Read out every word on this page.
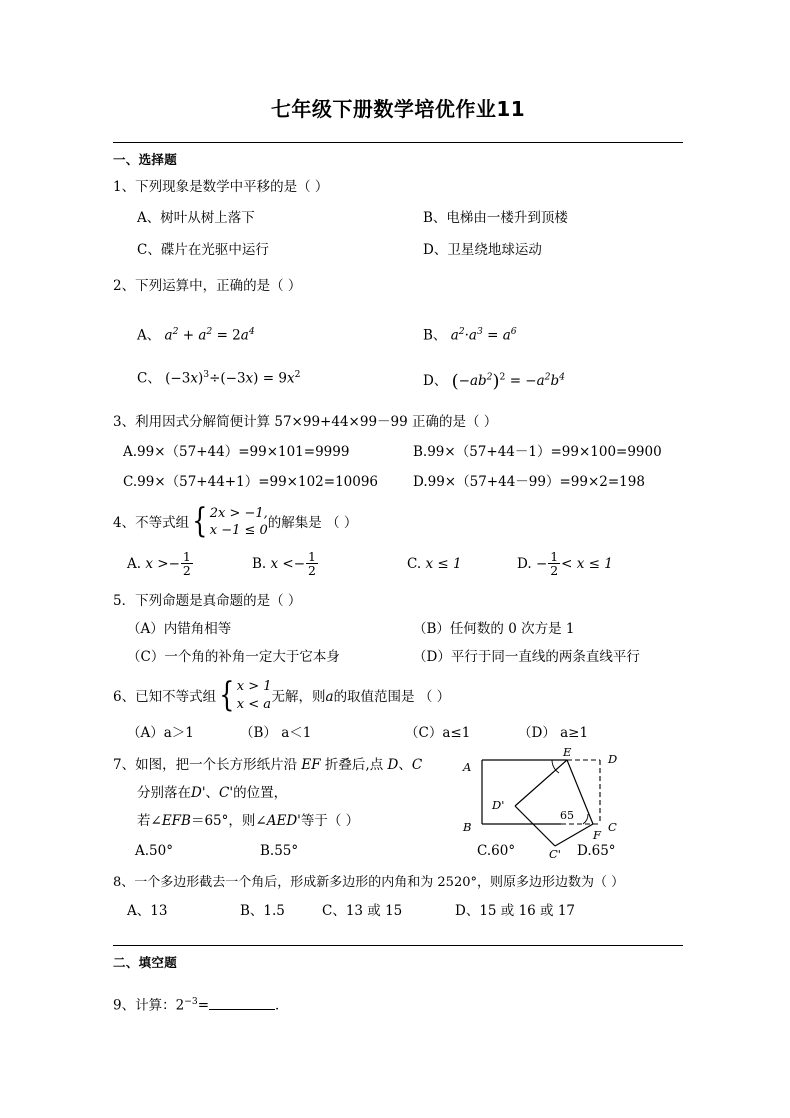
七年级下册数学培优作业11
一、选择题
1、下列现象是数学中平移的是（ ）
A、树叶从树上落下	B、电梯由一楼升到顶楼
C、碟片在光驱中运行	D、卫星绕地球运动
2、下列运算中，正确的是（ ）
A、 $a^2 + a^2 = 2a^4$	B、 $a^2\cdot a^3 = a^6$
C、 $(-3x)^3\div(-3x) = 9x^2$	D、 $(-ab^2)^2 = -a^2b^4$
3、利用因式分解简便计算 57×99+44×99－99 正确的是（ ）
A.99×（57+44）=99×101=9999	B.99×（57+44－1）=99×100=9900
C.99×（57+44+1）=99×102=10096	D.99×（57+44－99）=99×2=198
4、不等式组 { 2x > −1,
x −1 ≤ 0 的解集是 （ ）
A. $x >- \frac{1}{2}$	B. $x <- \frac{1}{2}$	C. x ≤ 1	D. − $\frac{1}{2} < x \le 1$
5．下列命题是真命题的是（ ）
（A）内错角相等	（B）任何数的 0 次方是 1
（C）一个角的补角一定大于它本身	（D）平行于同一直线的两条直线平行
6、已知不等式组 { x > 1
x < a 无解，则 a 的取值范围是 （ ）
（A）a＞1	（B） a＜1	（C）a≤1	（D） a≥1
7、如图，把一个长方形纸片沿 EF 折叠后,点 D、C
分别落在D'、C'的位置，
若∠EFB＝65°，则∠AED'等于（ ）
A.50°	B.55°	C.60°	D.65°
8、一个多边形截去一个角后，形成新多边形的内角和为 2520°，则原多边形边数为（ ）
A、13	B、1.5	C、13 或 15	D、15 或 16 或 17
二、填空题
9、计算：$2^{-3}=$	．
A
B	C
D
E
F
D'
C'
65
